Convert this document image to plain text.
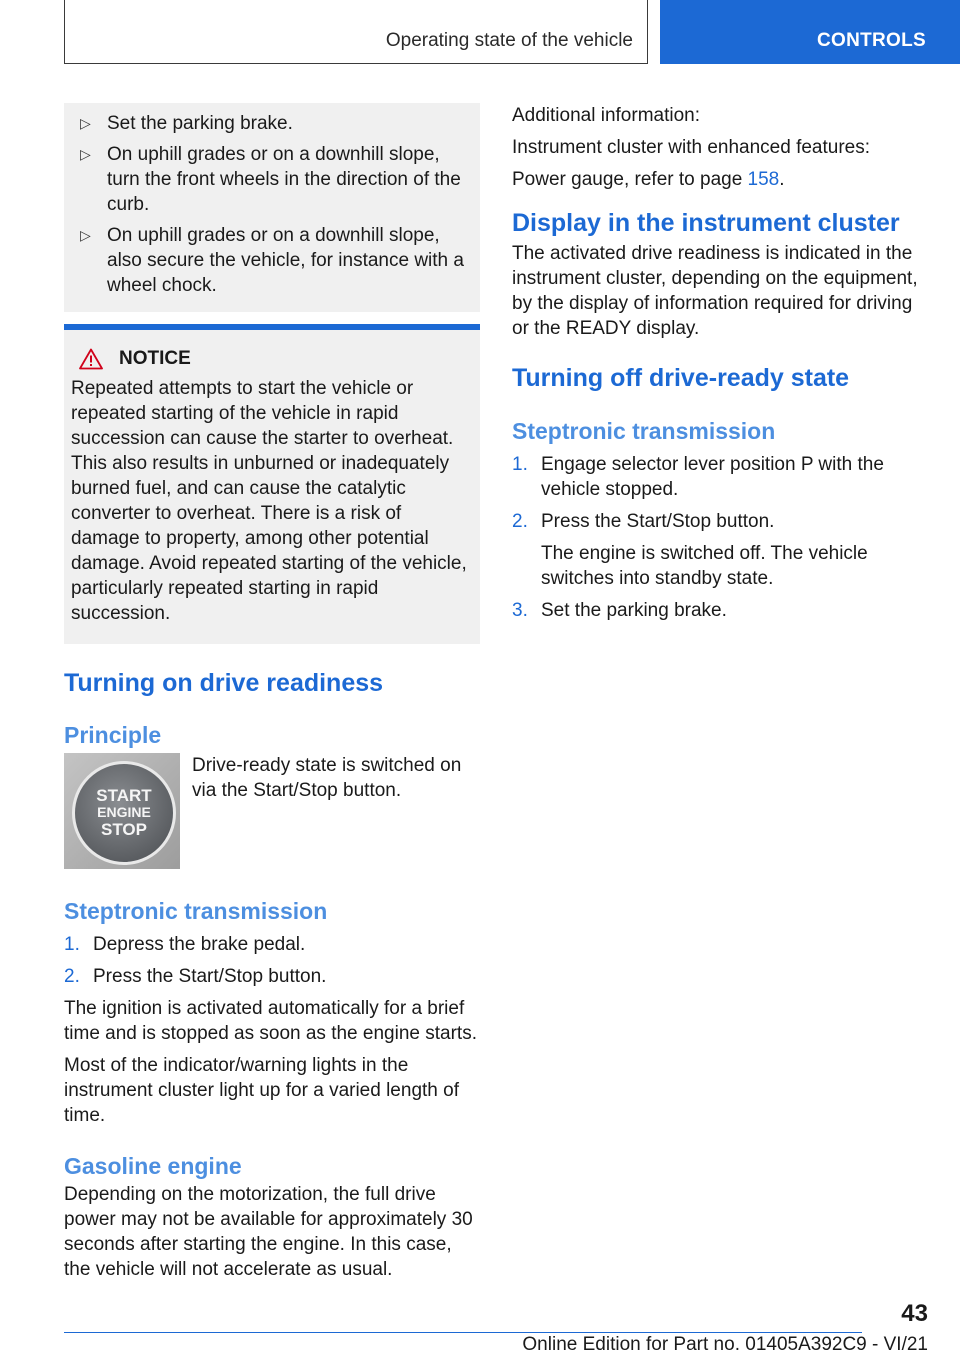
Operating state of the vehicle	CONTROLS
▷ Set the parking brake.
▷ On uphill grades or on a downhill slope, turn the front wheels in the direction of the curb.
▷ On uphill grades or on a downhill slope, also secure the vehicle, for instance with a wheel chock.
NOTICE

Repeated attempts to start the vehicle or repeated starting of the vehicle in rapid succession can cause the starter to overheat. This also results in unburned or inadequately burned fuel, and can cause the catalytic converter to overheat. There is a risk of damage to property, among other potential damage. Avoid repeated starting of the vehicle, particularly repeated starting in rapid succession.

Turning on drive readiness
Principle
START
ENGINE
STOP

Drive-ready state is switched on via the Start/Stop button.

Steptronic transmission
1. Depress the brake pedal.
2. Press the Start/Stop button.

The ignition is activated automatically for a brief time and is stopped as soon as the engine starts.

Most of the indicator/warning lights in the instrument cluster light up for a varied length of time.

Gasoline engine

Depending on the motorization, the full drive power may not be available for approximately 30 seconds after starting the engine. In this case, the vehicle will not accelerate as usual.

Additional information:

Instrument cluster with enhanced features:

Power gauge, refer to page 158.

Display in the instrument cluster

The activated drive readiness is indicated in the instrument cluster, depending on the equipment, by the display of information required for driving or the READY display.

Turning off drive-ready state
Steptronic transmission
1. Engage selector lever position P with the vehicle stopped.
2. Press the Start/Stop button.

The engine is switched off. The vehicle switches into standby state.

3. Set the parking brake.
43
Online Edition for Part no. 01405A392C9 - VI/21
